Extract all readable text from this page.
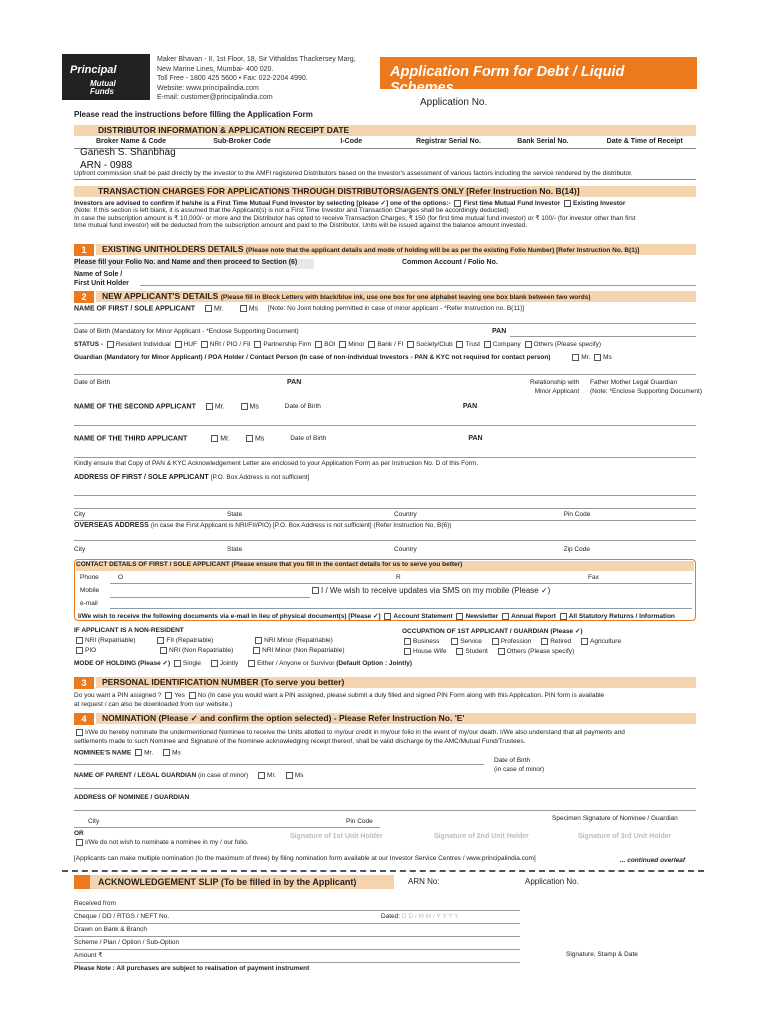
Principal
Mutual
Funds
Maker Bhavan - II, 1st Floor, 18, Sir Vithaldas Thackersey Marg,
New Marine Lines, Mumbai- 400 020.
Toll Free - 1800 425 5600 • Fax: 022-2204 4990.
Website: www.principalindia.com
E-mail: customer@principalindia.com
Application Form for Debt / Liquid Schemes
Application No.
Please read the instructions before filling the Application Form
DISTRIBUTOR INFORMATION & APPLICATION RECEIPT DATE
Broker Name & Code	Sub-Broker Code	I-Code	Registrar Serial No.	Bank Serial No.	Date & Time of Receipt
Ganesh S. Shanbhag
ARN - 0988
Upfront commission shall be paid directly by the investor to the AMFI registered Distributors based on the investor's assessment of various factors including the service rendered by the distributor.
TRANSACTION CHARGES FOR APPLICATIONS THROUGH DISTRIBUTORS/AGENTS ONLY [Refer Instruction No. B(14)]
Investors are advised to confirm if he/she is a First Time Mutual Fund Investor by selecting [please ✓] one of the options:- First time Mutual Fund Investor Existing Investor
(Note: If this section is left blank, it is assumed that the Applicant(s) is not a First Time Investor and Transaction Charges shall be accordingly deducted)
In case the subscription amount is ₹ 10,000/- or more and the Distributor has opted to receive Transaction Charges, ₹ 150 (for first time mutual fund investor) or ₹ 100/- (for investor other than first
time mutual fund investor) will be deducted from the subscription amount and paid to the Distributor. Units will be issued against the balance amount invested.
1	EXISTING UNITHOLDERS DETAILS (Please note that the applicant details and mode of holding will be as per the existing Folio Number) [Refer Instruction No. B(1)]
Please fill your Folio No. and Name and then proceed to Section (6)	Common Account / Folio No.
Name of Sole /
First Unit Holder
2	NEW APPLICANT'S DETAILS (Please fill in Block Letters with black/blue ink, use one box for one alphabet leaving one box blank between two words)
NAME OF FIRST / SOLE APPLICANT	Mr.	Ms [Note: No Joint holding permitted in case of minor applicant - *Refer Instruction no. B(11)]
Date of Birth (Mandatory for Minor Applicant - *Enclose Supporting Document)	PAN
STATUS - Resident Individual HUF NRI / PIO / FII Partnership Firm BOI Minor Bank / FI Society/Club Trust Company Others (Please specify)
Guardian (Mandatory for Minor Applicant) / POA Holder / Contact Person (In case of non-individual Investors - PAN & KYC not required for contact person)	Mr. Ms
Date of Birth	PAN	Relationship with
Minor Applicant
Father Mother Legal Guardian
(Note: *Enclose Supporting Document)
NAME OF THE SECOND APPLICANT	Mr.	Ms	Date of Birth	PAN
NAME OF THE THIRD APPLICANT	Mr.	Ms	Date of Birth	PAN
Kindly ensure that Copy of PAN & KYC Acknowledgement Letter are enclosed to your Application Form as per Instruction No. D of this Form.
ADDRESS OF FIRST / SOLE APPLICANT [P.O. Box Address is not sufficient]
City	State	Country	Pin Code
OVERSEAS ADDRESS (in case the First Applicant is NRI/FII/PIO) [P.O. Box Address is not sufficient] (Refer Instruction No. B(6))
City	State	Country	Zip Code
CONTACT DETAILS OF FIRST / SOLE APPLICANT (Please ensure that you fill in the contact details for us to serve you better)
Phone	O	R	Fax
Mobile	I / We wish to receive updates via SMS on my mobile (Please ✓)
e-mail
I/We wish to receive the following documents via e-mail in lieu of physical document(s) [Please ✓] Account Statement Newsletter Annual Report All Statutory Returns / Information
IF APPLICANT IS A NON-RESIDENT
NRI (Repatriable)	FII (Repatriable)	NRI Minor (Repatriable)
PIO	NRI (Non Repatriable)	NRI Minor (Non Repatriable)
OCCUPATION OF 1ST APPLICANT / GUARDIAN (Please ✓)
Business	Service	Profession	Retired	Agriculture
House Wife	Student	Others (Please specify)
MODE OF HOLDING (Please ✓) Single	Jointly	Either / Anyone or Survivor (Default Option : Jointly)
3	PERSONAL IDENTIFICATION NUMBER (To serve you better)
Do you want a PIN assigned ? Yes No (In case you would want a PIN assigned, please submit a duly filled and signed PIN Form along with this Application. PIN form is available
at request / can also be downloaded from our website.)
4	NOMINATION (Please ✓ and confirm the option selected) - Please Refer Instruction No. 'E'
I/We do hereby nominate the undermentioned Nominee to receive the Units allotted to my/our credit in my/our folio in the event of my/our death. I/We also understand that all payments and
settlements made to such Nominee and Signature of the Nominee acknowledging receipt thereof, shall be valid discharge by the AMC/Mutual Fund/Trustees.
NOMINEE'S NAME Mr.	Ms
Date of Birth
(in case of minor)
NAME OF PARENT / LEGAL GUARDIAN (in case of minor)	Mr.	Ms
ADDRESS OF NOMINEE / GUARDIAN
Specimen Signature of Nominee / Guardian
City	Pin Code
OR
I/We do not wish to nominate a nominee in my / our folio.
Signature of 1st Unit Holder	Signature of 2nd Unit Holder	Signature of 3rd Unit Holder
[Applicants can make multiple nomination (to the maximum of three) by filing nomination form available at our Investor Service Centres / www.principalindia.com]	... continued overleaf
ACKNOWLEDGEMENT SLIP (To be filled in by the Applicant)	ARN No:	Application No.
Received from
Cheque / DD / RTGS / NEFT No.	Dated: D D / M M / Y Y Y Y
Drawn on Bank & Branch
Scheme / Plan / Option / Sub-Option
Amount ₹
Please Note : All purchases are subject to realisation of payment instrument
Signature, Stamp & Date
